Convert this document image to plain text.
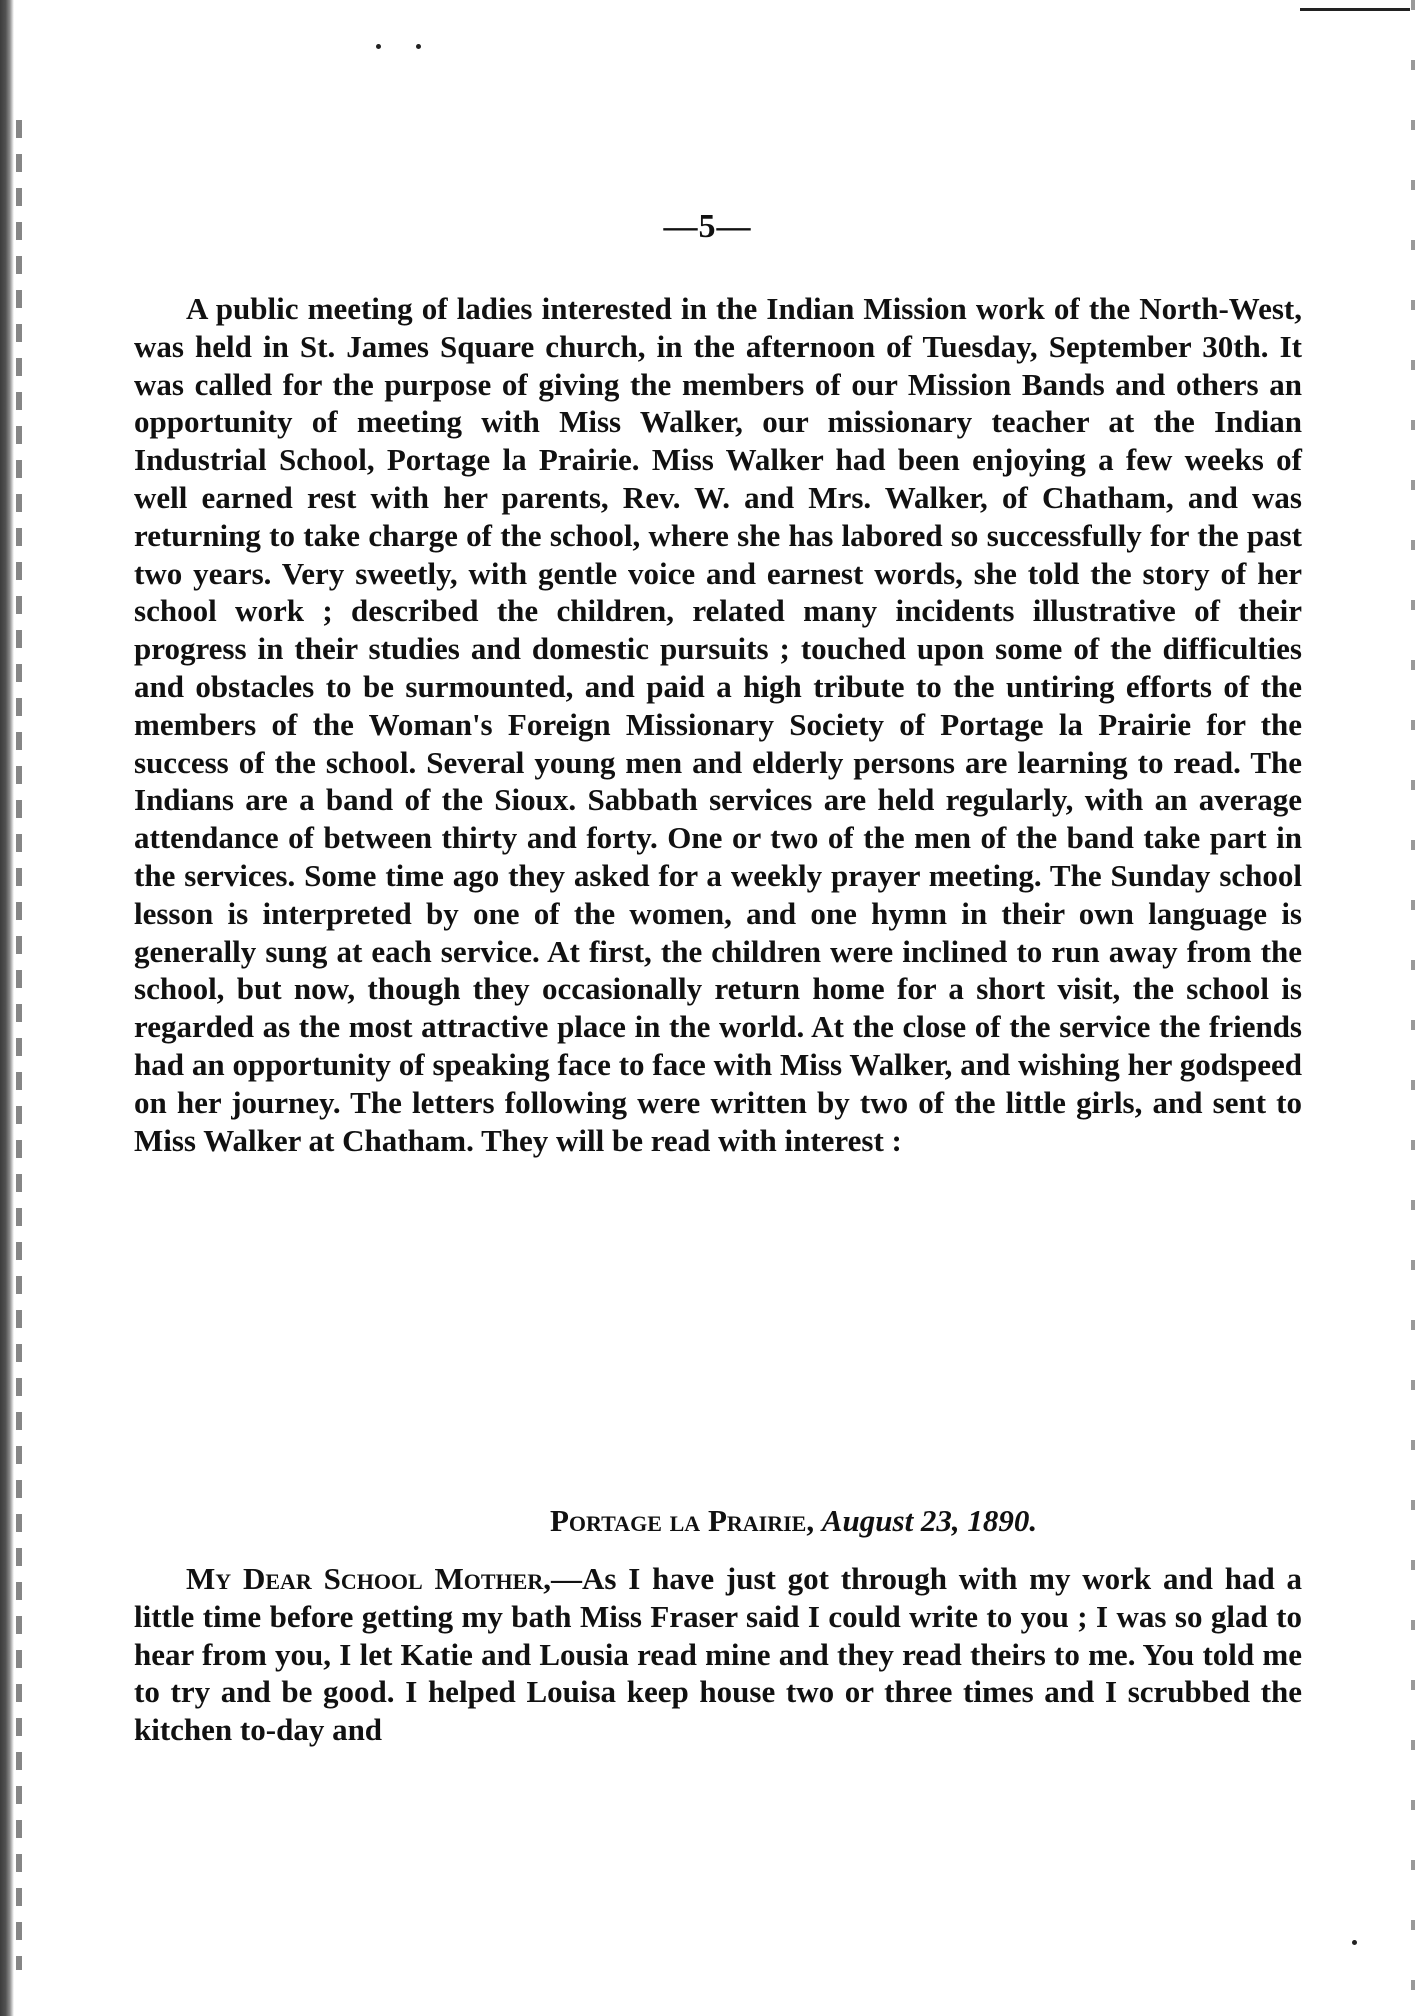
—5—

A public meeting of ladies interested in the Indian Mission work of the North-West, was held in St. James Square church, in the afternoon of Tuesday, September 30th. It was called for the purpose of giving the members of our Mission Bands and others an opportunity of meeting with Miss Walker, our missionary teacher at the Indian Industrial School, Portage la Prairie. Miss Walker had been enjoying a few weeks of well earned rest with her parents, Rev. W. and Mrs. Walker, of Chatham, and was returning to take charge of the school, where she has labored so successfully for the past two years. Very sweetly, with gentle voice and earnest words, she told the story of her school work ; described the children, related many incidents illustrative of their progress in their studies and domestic pursuits ; touched upon some of the difficulties and obstacles to be surmounted, and paid a high tribute to the untiring efforts of the members of the Woman's Foreign Missionary Society of Portage la Prairie for the success of the school. Several young men and elderly persons are learning to read. The Indians are a band of the Sioux. Sabbath services are held regularly, with an average attendance of between thirty and forty. One or two of the men of the band take part in the services. Some time ago they asked for a weekly prayer meeting. The Sunday school lesson is interpreted by one of the women, and one hymn in their own language is generally sung at each service. At first, the children were inclined to run away from the school, but now, though they occasionally return home for a short visit, the school is regarded as the most attractive place in the world. At the close of the service the friends had an opportunity of speaking face to face with Miss Walker, and wishing her godspeed on her journey. The letters following were written by two of the little girls, and sent to Miss Walker at Chatham. They will be read with interest :

Portage la Prairie, August 23, 1890.

My Dear School Mother,—As I have just got through with my work and had a little time before getting my bath Miss Fraser said I could write to you ; I was so glad to hear from you, I let Katie and Lousia read mine and they read theirs to me. You told me to try and be good. I helped Louisa keep house two or three times and I scrubbed the kitchen to-day and
